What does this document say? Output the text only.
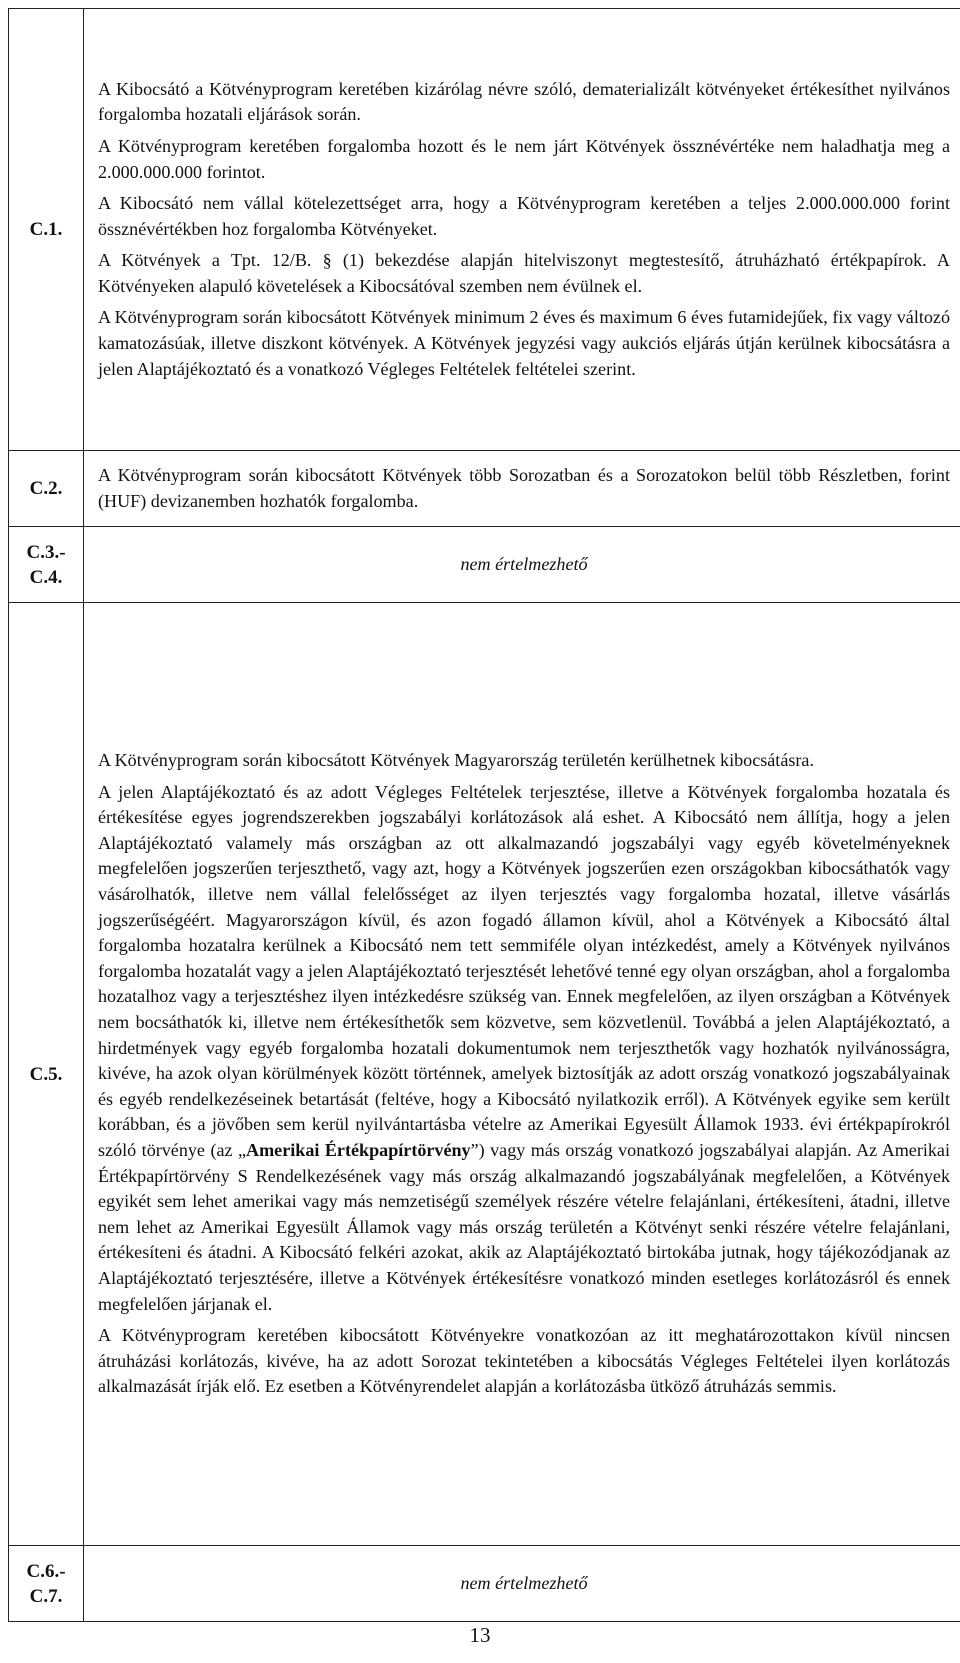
C.1.	A Kibocsátó a Kötvényprogram keretében kizárólag névre szóló, dematerializált kötvényeket értékesíthet nyilvános forgalomba hozatali eljárások során.

A Kötvényprogram keretében forgalomba hozott és le nem járt Kötvények össznévértéke nem haladhatja meg a 2.000.000.000 forintot.

A Kibocsátó nem vállal kötelezettséget arra, hogy a Kötvényprogram keretében a teljes 2.000.000.000 forint össznévértékben hoz forgalomba Kötvényeket.

A Kötvények a Tpt. 12/B. § (1) bekezdése alapján hitelviszonyt megtestesítő, átruházható értékpapírok. A Kötvényeken alapuló követelések a Kibocsátóval szemben nem évülnek el.

A Kötvényprogram során kibocsátott Kötvények minimum 2 éves és maximum 6 éves futamidejűek, fix vagy változó kamatozásúak, illetve diszkont kötvények. A Kötvények jegyzési vagy aukciós eljárás útján kerülnek kibocsátásra a jelen Alaptájékoztató és a vonatkozó Végleges Feltételek feltételei szerint.

C.2.	A Kötvényprogram során kibocsátott Kötvények több Sorozatban és a Sorozatokon belül több Részletben, forint (HUF) devizanemben hozhatók forgalomba.

C.3.-
C.4.	nem értelmezhető

C.5.	A Kötvényprogram során kibocsátott Kötvények Magyarország területén kerülhetnek kibocsátásra.

A jelen Alaptájékoztató és az adott Végleges Feltételek terjesztése, illetve a Kötvények forgalomba hozatala és értékesítése egyes jogrendszerekben jogszabályi korlátozások alá eshet. A Kibocsátó nem állítja, hogy a jelen Alaptájékoztató valamely más országban az ott alkalmazandó jogszabályi vagy egyéb követelményeknek megfelelően jogszerűen terjeszthető, vagy azt, hogy a Kötvények jogszerűen ezen országokban kibocsáthatók vagy vásárolhatók, illetve nem vállal felelősséget az ilyen terjesztés vagy forgalomba hozatal, illetve vásárlás jogszerűségéért. Magyarországon kívül, és azon fogadó államon kívül, ahol a Kötvények a Kibocsátó által forgalomba hozatalra kerülnek a Kibocsátó nem tett semmiféle olyan intézkedést, amely a Kötvények nyilvános forgalomba hozatalát vagy a jelen Alaptájékoztató terjesztését lehetővé tenné egy olyan országban, ahol a forgalomba hozatalhoz vagy a terjesztéshez ilyen intézkedésre szükség van. Ennek megfelelően, az ilyen országban a Kötvények nem bocsáthatók ki, illetve nem értékesíthetők sem közvetve, sem közvetlenül. Továbbá a jelen Alaptájékoztató, a hirdetmények vagy egyéb forgalomba hozatali dokumentumok nem terjeszthetők vagy hozhatók nyilvánosságra, kivéve, ha azok olyan körülmények között történnek, amelyek biztosítják az adott ország vonatkozó jogszabályainak és egyéb rendelkezéseinek betartását (feltéve, hogy a Kibocsátó nyilatkozik erről). A Kötvények egyike sem került korábban, és a jövőben sem kerül nyilvántartásba vételre az Amerikai Egyesült Államok 1933. évi értékpapírokról szóló törvénye (az „Amerikai Értékpapírtörvény”) vagy más ország vonatkozó jogszabályai alapján. Az Amerikai Értékpapírtörvény S Rendelkezésének vagy más ország alkalmazandó jogszabályának megfelelően, a Kötvények egyikét sem lehet amerikai vagy más nemzetiségű személyek részére vételre felajánlani, értékesíteni, átadni, illetve nem lehet az Amerikai Egyesült Államok vagy más ország területén a Kötvényt senki részére vételre felajánlani, értékesíteni és átadni. A Kibocsátó felkéri azokat, akik az Alaptájékoztató birtokába jutnak, hogy tájékozódjanak az Alaptájékoztató terjesztésére, illetve a Kötvények értékesítésre vonatkozó minden esetleges korlátozásról és ennek megfelelően járjanak el.

A Kötvényprogram keretében kibocsátott Kötvényekre vonatkozóan az itt meghatározottakon kívül nincsen átruházási korlátozás, kivéve, ha az adott Sorozat tekintetében a kibocsátás Végleges Feltételei ilyen korlátozás alkalmazását írják elő. Ez esetben a Kötvényrendelet alapján a korlátozásba ütköző átruházás semmis.

C.6.-
C.7.	nem értelmezhető

13
